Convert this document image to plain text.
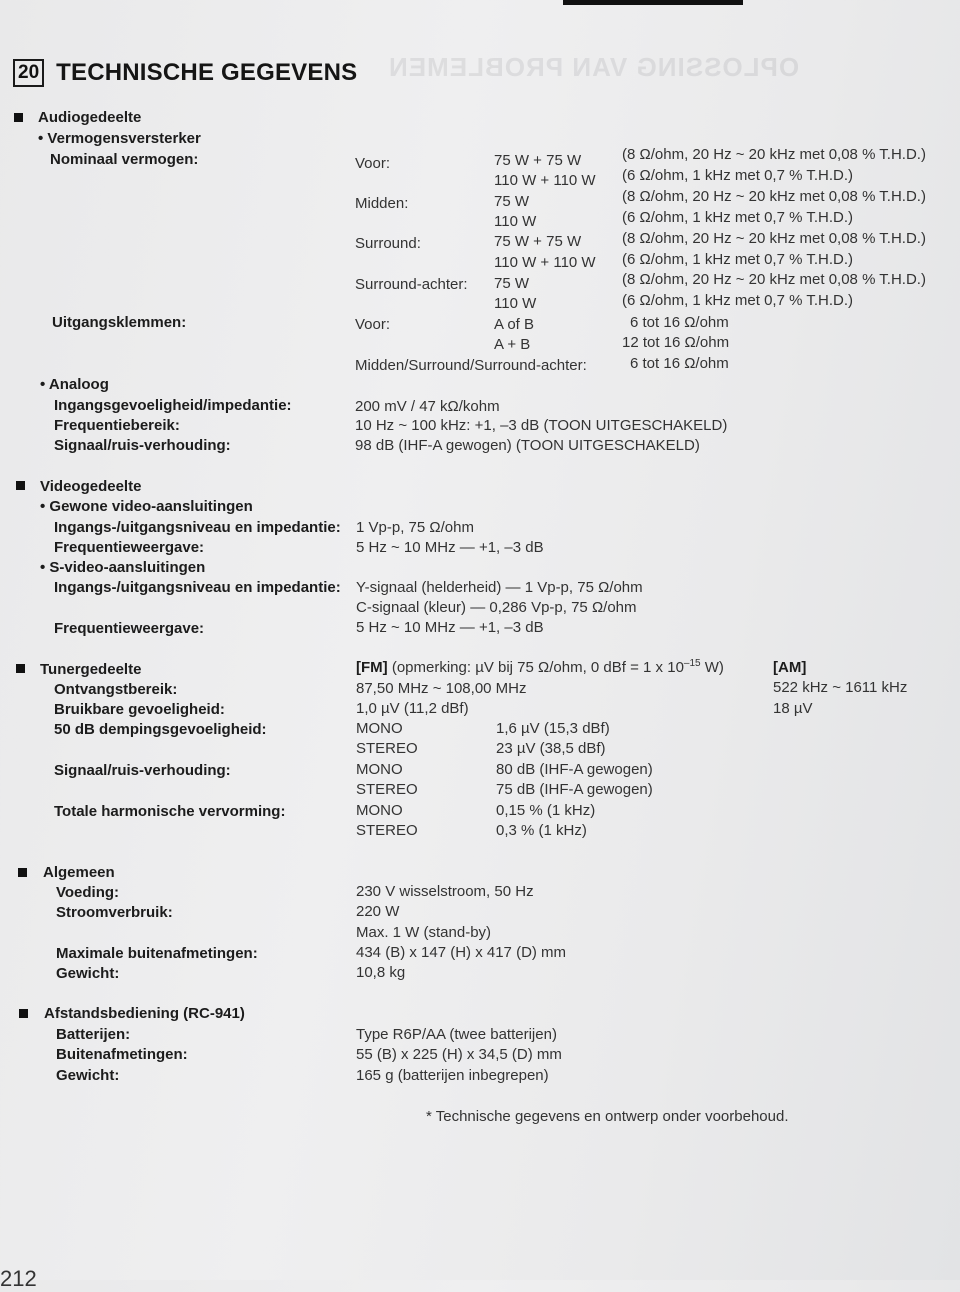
OPLOSSING VAN PROBLEMEN
20 TECHNISCHE GEGEVENS
Audiogedeelte
• Vermogensversterker
Nominaal vermogen:	Voor:	75 W + 75 W	(8 Ω/ohm, 20 Hz ~ 20 kHz met 0,08 % T.H.D.)
110 W + 110 W (6 Ω/ohm, 1 kHz met 0,7 % T.H.D.)
Midden:	75 W	(8 Ω/ohm, 20 Hz ~ 20 kHz met 0,08 % T.H.D.)
110 W	(6 Ω/ohm, 1 kHz met 0,7 % T.H.D.)
Surround:	75 W + 75 W	(8 Ω/ohm, 20 Hz ~ 20 kHz met 0,08 % T.H.D.)
110 W + 110 W (6 Ω/ohm, 1 kHz met 0,7 % T.H.D.)
Surround-achter: 75 W	(8 Ω/ohm, 20 Hz ~ 20 kHz met 0,08 % T.H.D.)
110 W	(6 Ω/ohm, 1 kHz met 0,7 % T.H.D.)
Uitgangsklemmen:	Voor:	A of B	6 tot 16 Ω/ohm
A + B	12 tot 16 Ω/ohm
Midden/Surround/Surround-achter:	6 tot 16 Ω/ohm
• Analoog
Ingangsgevoeligheid/impedantie:	200 mV / 47 kΩ/kohm
Frequentiebereik:	10 Hz ~ 100 kHz: +1, –3 dB (TOON UITGESCHAKELD)
Signaal/ruis-verhouding:	98 dB (IHF-A gewogen) (TOON UITGESCHAKELD)
Videogedeelte
• Gewone video-aansluitingen
Ingangs-/uitgangsniveau en impedantie: 1 Vp-p, 75 Ω/ohm
Frequentieweergave:	5 Hz ~ 10 MHz — +1, –3 dB
• S-video-aansluitingen
Ingangs-/uitgangsniveau en impedantie: Y-signaal (helderheid) — 1 Vp-p, 75 Ω/ohm
C-signaal (kleur) — 0,286 Vp-p, 75 Ω/ohm
Frequentieweergave:	5 Hz ~ 10 MHz — +1, –3 dB
Tunergedeelte	[FM] (opmerking: µV bij 75 Ω/ohm, 0 dBf = 1 x $10^{-15}$ W)	[AM]
Ontvangstbereik:	87,50 MHz ~ 108,00 MHz	522 kHz ~ 1611 kHz
Bruikbare gevoeligheid:	1,0 µV (11,2 dBf)	18 µV
50 dB dempingsgevoeligheid:	MONO	1,6 µV (15,3 dBf)
STEREO	23 µV (38,5 dBf)
Signaal/ruis-verhouding:	MONO	80 dB (IHF-A gewogen)
STEREO	75 dB (IHF-A gewogen)
Totale harmonische vervorming:	MONO	0,15 % (1 kHz)
STEREO	0,3 % (1 kHz)
Algemeen
Voeding:	230 V wisselstroom, 50 Hz
Stroomverbruik:	220 W
Max. 1 W (stand-by)
Maximale buitenafmetingen:	434 (B) x 147 (H) x 417 (D) mm
Gewicht:	10,8 kg
Afstandsbediening (RC-941)
Batterijen:	Type R6P/AA (twee batterijen)
Buitenafmetingen:	55 (B) x 225 (H) x 34,5 (D) mm
Gewicht:	165 g (batterijen inbegrepen)
* Technische gegevens en ontwerp onder voorbehoud.
212
